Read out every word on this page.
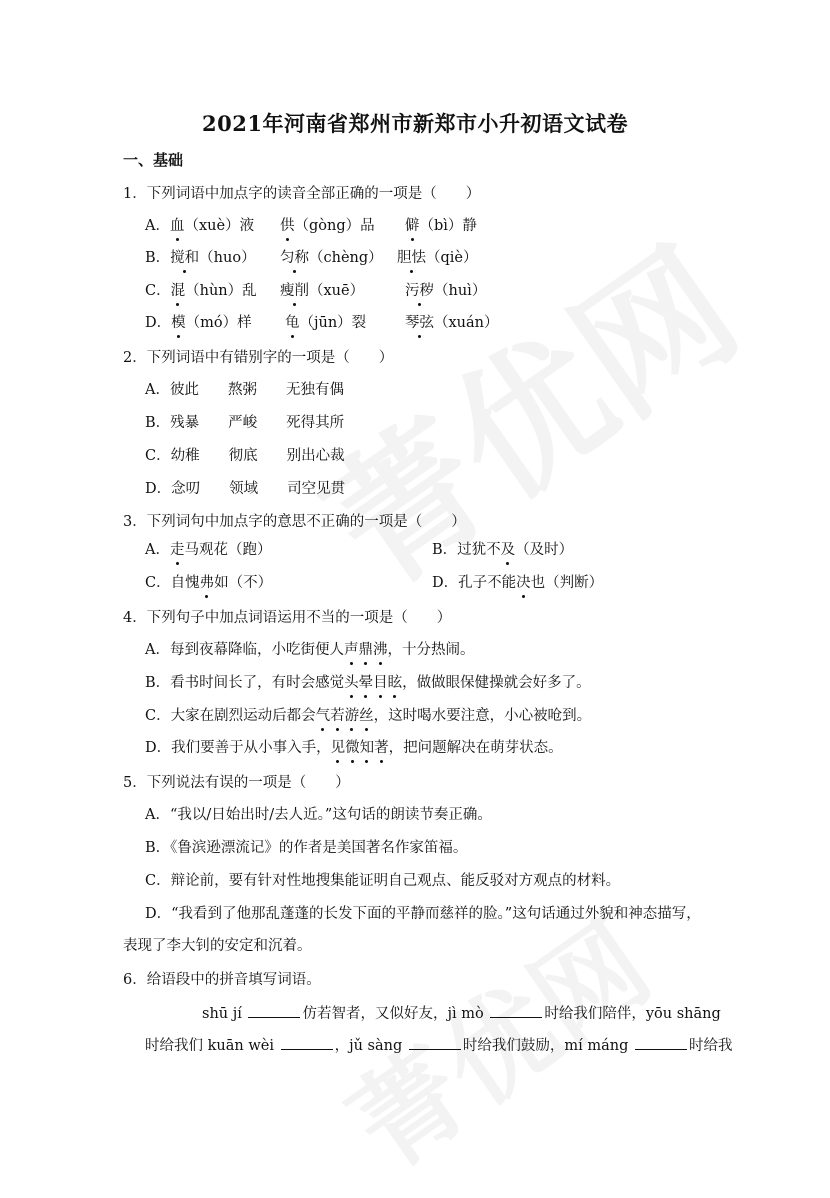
2021年河南省郑州市新郑市小升初语文试卷
一、基础
1．下列词语中加点字的读音全部正确的一项是（　　）
A．血（xuè）液 供（gòng）品 僻（bì）静
B．搅和（huo） 匀称（chèng） 胆怯（qiè）
C．混（hùn）乱 瘦削（xuē）	污秽（huì）
D．模（mó）样 龟（jūn）裂	琴弦（xuán）
2．下列词语中有错别字的一项是（　　）
A．彼此　　熬粥　　无独有偶
B．残暴　　严峻　　死得其所
C．幼稚　　彻底　　别出心裁
D．念叨　　领域　　司空见贯
3．下列词句中加点字的意思不正确的一项是（　　）
A．走马观花（跑）	B．过犹不及（及时）
C．自愧弗如（不）	D．孔子不能决也（判断）
4．下列句子中加点词语运用不当的一项是（　　）
A．每到夜幕降临，小吃街便人声鼎沸，十分热闹。
B．看书时间长了，有时会感觉头晕目眩，做做眼保健操就会好多了。
C．大家在剧烈运动后都会气若游丝，这时喝水要注意，小心被呛到。
D．我们要善于从小事入手，见微知著，把问题解决在萌芽状态。
5．下列说法有误的一项是（　　）
A．“我以/日始出时/去人近。”这句话的朗读节奏正确。
B．《鲁滨逊漂流记》的作者是美国著名作家笛福。
C．辩论前，要有针对性地搜集能证明自己观点、能反驳对方观点的材料。
D．“我看到了他那乱蓬蓬的长发下面的平静而慈祥的脸。”这句话通过外貌和神态描写，
表现了李大钊的安定和沉着。
6．给语段中的拼音填写词语。
shū jí	仿若智者，又似好友，jì mò	时给我们陪伴，yōu shāng
时给我们 kuān wèi	，jǔ sàng	时给我们鼓励，mí máng	时给我
